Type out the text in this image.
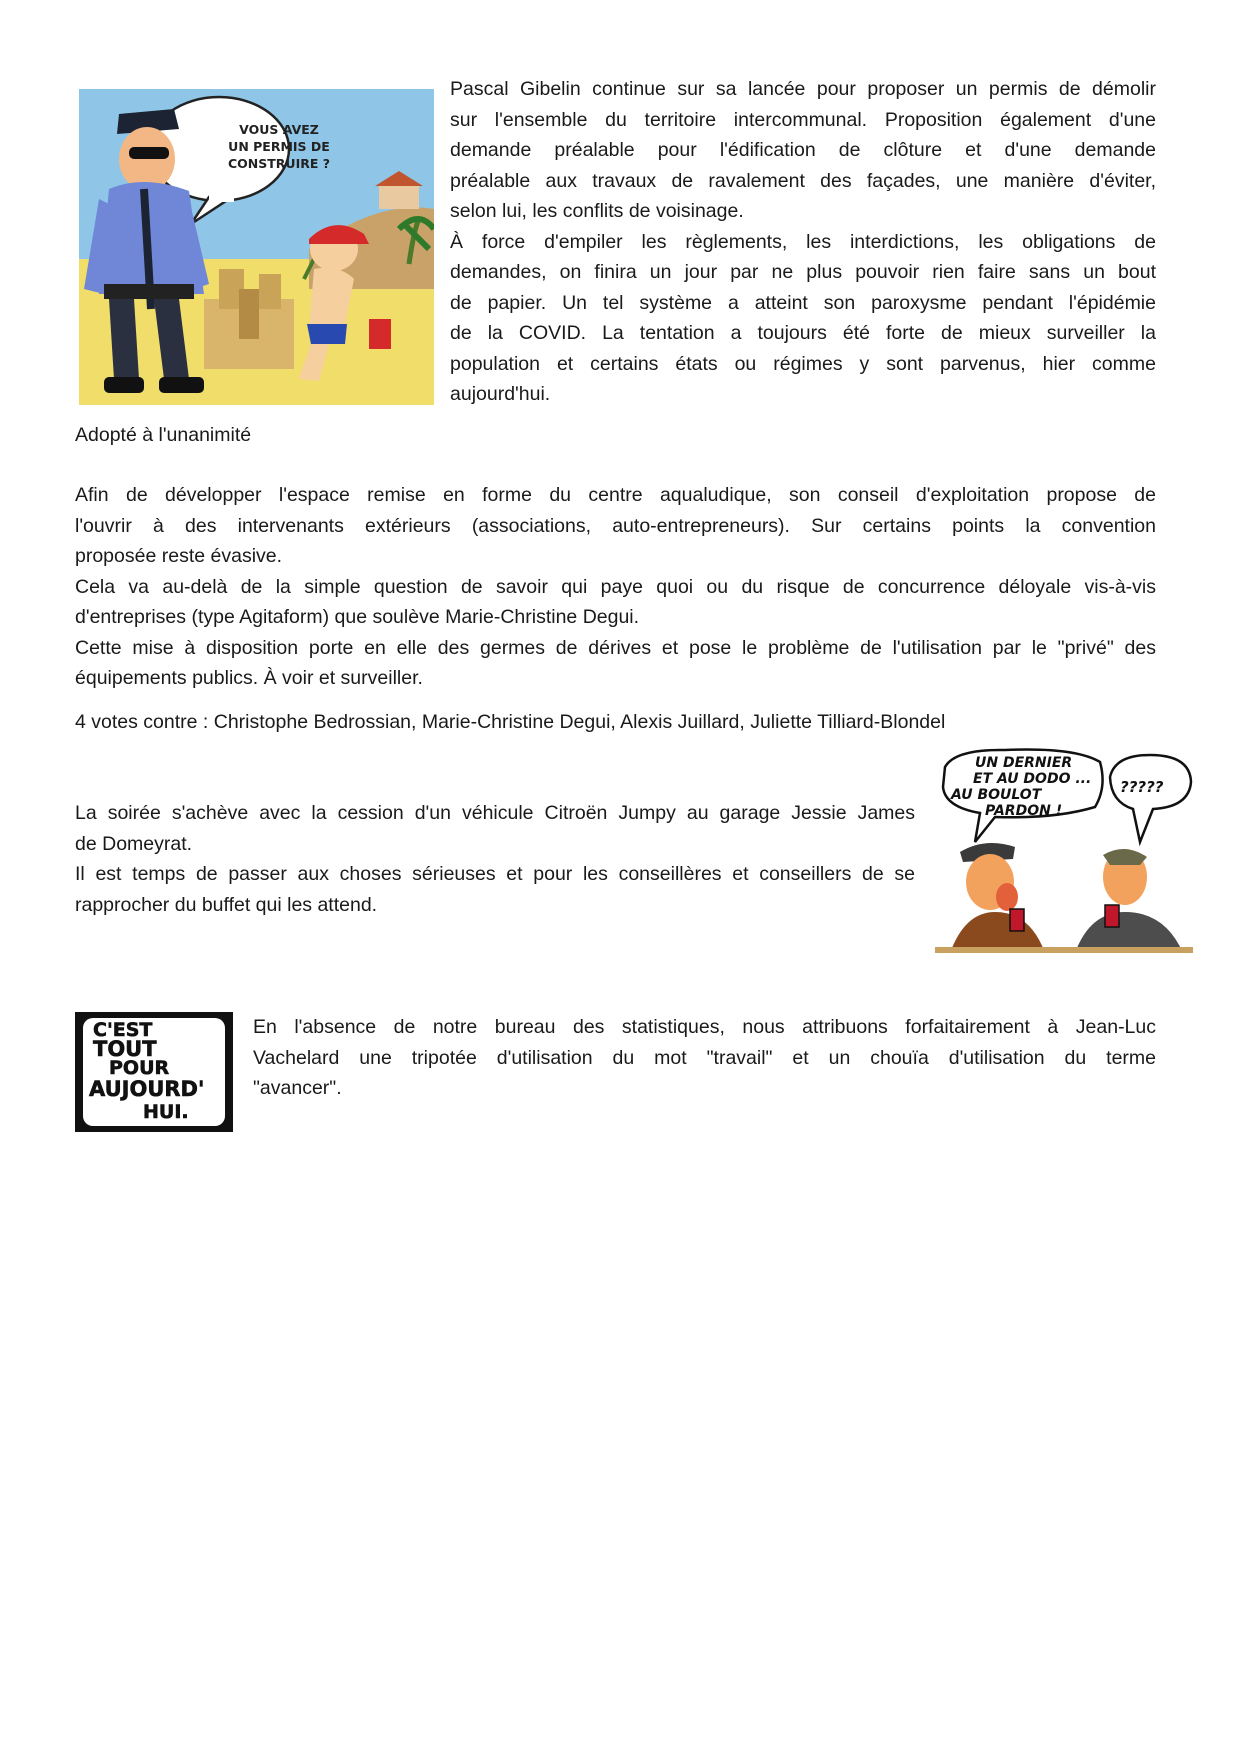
VOUS AVEZ
UN PERMIS DE
CONSTRUIRE ?
Pascal Gibelin continue sur sa lancée pour proposer un permis de démolir
sur l'ensemble du territoire intercommunal. Proposition également d'une
demande préalable pour l'édification de clôture et d'une demande
préalable aux travaux de ravalement des façades, une manière d'éviter,
selon lui, les conflits de voisinage.
À force d'empiler les règlements, les interdictions, les obligations de
demandes, on finira un jour par ne plus pouvoir rien faire sans un bout
de papier. Un tel système a atteint son paroxysme pendant l'épidémie
de la COVID. La tentation a toujours été forte de mieux surveiller la
population et certains états ou régimes y sont parvenus, hier comme
aujourd'hui.

Adopté à l'unanimité

Afin de développer l'espace remise en forme du centre aqualudique, son conseil d'exploitation propose de
l'ouvrir à des intervenants extérieurs (associations, auto-entrepreneurs). Sur certains points la convention
proposée reste évasive.
Cela va au-delà de la simple question de savoir qui paye quoi ou du risque de concurrence déloyale vis-à-vis
d'entreprises (type Agitaform) que soulève Marie-Christine Degui.
Cette mise à disposition porte en elle des germes de dérives et pose le problème de l'utilisation par le "privé" des
équipements publics. À voir et surveiller.

4 votes contre : Christophe Bedrossian, Marie-Christine Degui, Alexis Juillard, Juliette Tilliard-Blondel

UN DERNIER
ET AU DODO ...
AU BOULOT
PARDON !
?????
La soirée s'achève avec la cession d'un véhicule Citroën Jumpy au garage Jessie James
de Domeyrat.
Il est temps de passer aux choses sérieuses et pour les conseillères et conseillers de se
rapprocher du buffet qui les attend.
C'EST
TOUT
POUR
AUJOURD'
HUI.
En l'absence de notre bureau des statistiques, nous attribuons forfaitairement à Jean-Luc
Vachelard une tripotée d'utilisation du mot "travail" et un chouïa d'utilisation du terme
"avancer".
